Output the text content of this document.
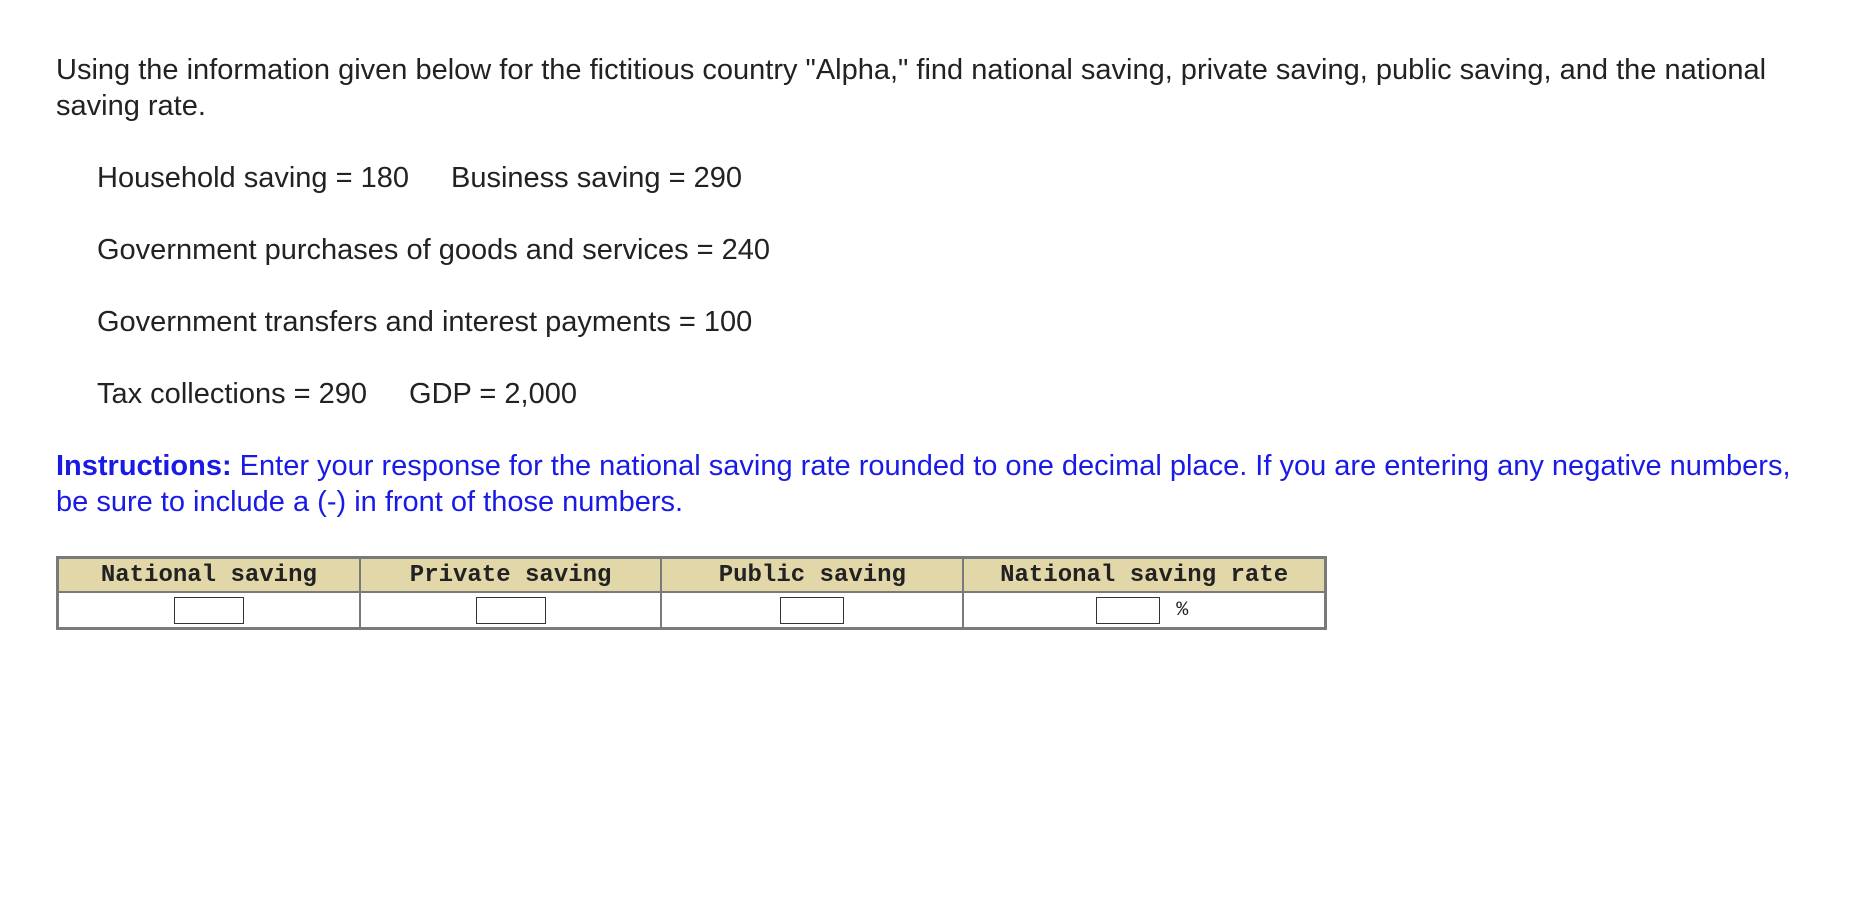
Using the information given below for the fictitious country "Alpha," find national saving, private saving, public saving, and the national saving rate.

Household saving = 180 Business saving = 290
Government purchases of goods and services = 240
Government transfers and interest payments = 100
Tax collections = 290 GDP = 2,000

Instructions: Enter your response for the national saving rate rounded to one decimal place. If you are entering any negative numbers, be sure to include a (-) in front of those numbers.

National saving	Private saving	Public saving	National saving rate
			%
